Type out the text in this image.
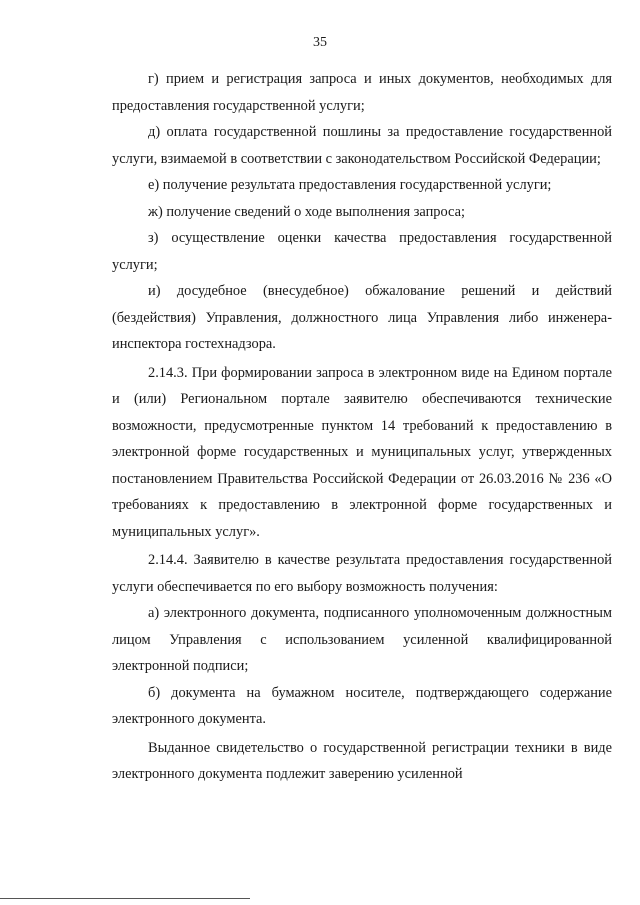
35

г) прием и регистрация запроса и иных документов, необходимых для предоставления государственной услуги;

д) оплата государственной пошлины за предоставление государственной услуги, взимаемой в соответствии с законодательством Российской Федерации;

е) получение результата предоставления государственной услуги;

ж) получение сведений о ходе выполнения запроса;

з) осуществление оценки качества предоставления государственной услуги;

и) досудебное (внесудебное) обжалование решений и действий (бездействия) Управления, должностного лица Управления либо инженера-инспектора гостехнадзора.

2.14.3. При формировании запроса в электронном виде на Едином портале и (или) Региональном портале заявителю обеспечиваются технические возможности, предусмотренные пунктом 14 требований к предоставлению в электронной форме государственных и муниципальных услуг, утвержденных постановлением Правительства Российской Федерации от 26.03.2016 № 236 «О требованиях к предоставлению в электронной форме государственных и муниципальных услуг».

2.14.4. Заявителю в качестве результата предоставления государственной услуги обеспечивается по его выбору возможность получения:

а) электронного документа, подписанного уполномоченным должностным лицом Управления с использованием усиленной квалифицированной электронной подписи;

б) документа на бумажном носителе, подтверждающего содержание электронного документа.

Выданное свидетельство о государственной регистрации техники в виде электронного документа подлежит заверению усиленной
